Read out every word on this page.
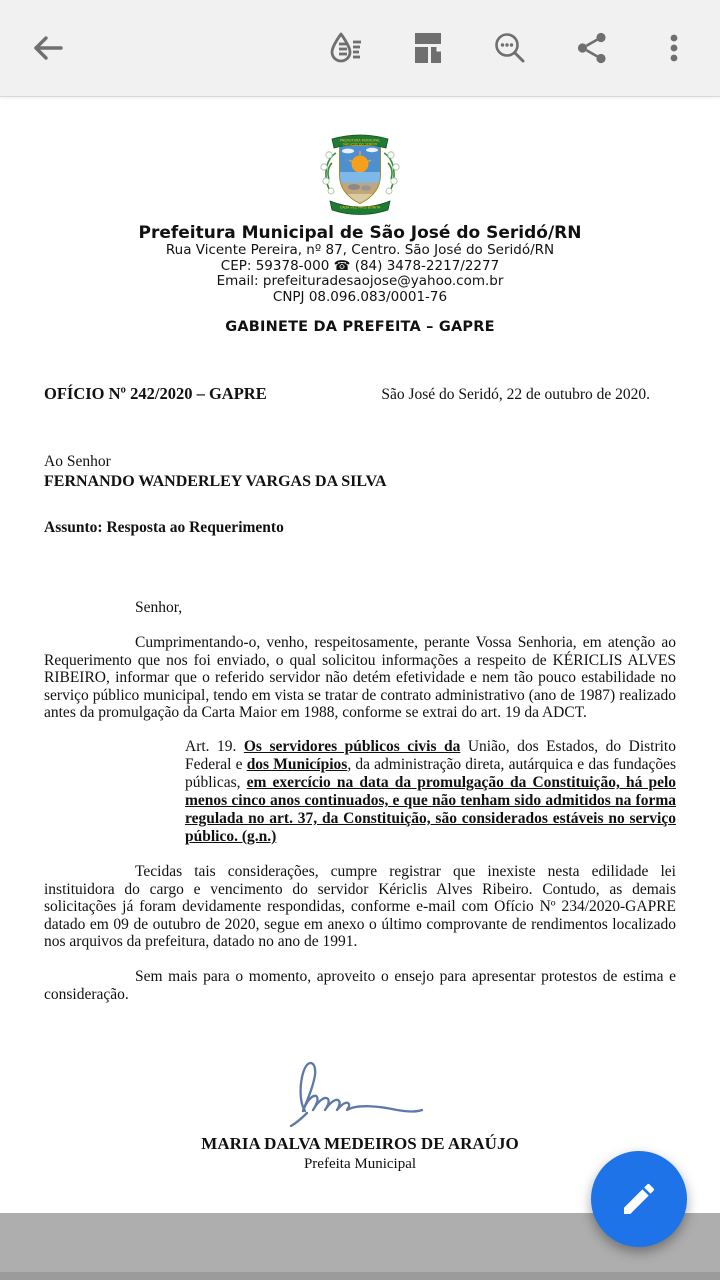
PREFEITURA MUNICIPAL
SÃO JOSÉ DO SERIDÓ
CADA VEZ MAIS BONITA
Prefeitura Municipal de São José do Seridó/RN
Rua Vicente Pereira, nº 87, Centro. São José do Seridó/RN
CEP: 59378-000 ☎ (84) 3478-2217/2277
Email: prefeituradesaojose@yahoo.com.br
CNPJ 08.096.083/0001-76
GABINETE DA PREFEITA – GAPRE
OFÍCIO Nº 242/2020 – GAPRE	São José do Seridó, 22 de outubro de 2020.
Ao Senhor
FERNANDO WANDERLEY VARGAS DA SILVA
Assunto: Resposta ao Requerimento
Senhor,

Cumprimentando-o, venho, respeitosamente, perante Vossa Senhoria, em atenção ao Requerimento que nos foi enviado, o qual solicitou informações a respeito de KÉRICLIS ALVES RIBEIRO, informar que o referido servidor não detém efetividade e nem tão pouco estabilidade no serviço público municipal, tendo em vista se tratar de contrato administrativo (ano de 1987) realizado antes da promulgação da Carta Maior em 1988, conforme se extrai do art. 19 da ADCT.

Art. 19. Os servidores públicos civis da União, dos Estados, do Distrito Federal e dos Municípios, da administração direta, autárquica e das fundações públicas, em exercício na data da promulgação da Constituição, há pelo menos cinco anos continuados, e que não tenham sido admitidos na forma regulada no art. 37, da Constituição, são considerados estáveis no serviço público. (g.n.)

Tecidas tais considerações, cumpre registrar que inexiste nesta edilidade lei instituidora do cargo e vencimento do servidor Kériclis Alves Ribeiro. Contudo, as demais solicitações já foram devidamente respondidas, conforme e-mail com Ofício Nº 234/2020-GAPRE datado em 09 de outubro de 2020, segue em anexo o último comprovante de rendimentos localizado nos arquivos da prefeitura, datado no ano de 1991.

Sem mais para o momento, aproveito o ensejo para apresentar protestos de estima e consideração.

MARIA DALVA MEDEIROS DE ARAÚJO
Prefeita Municipal
